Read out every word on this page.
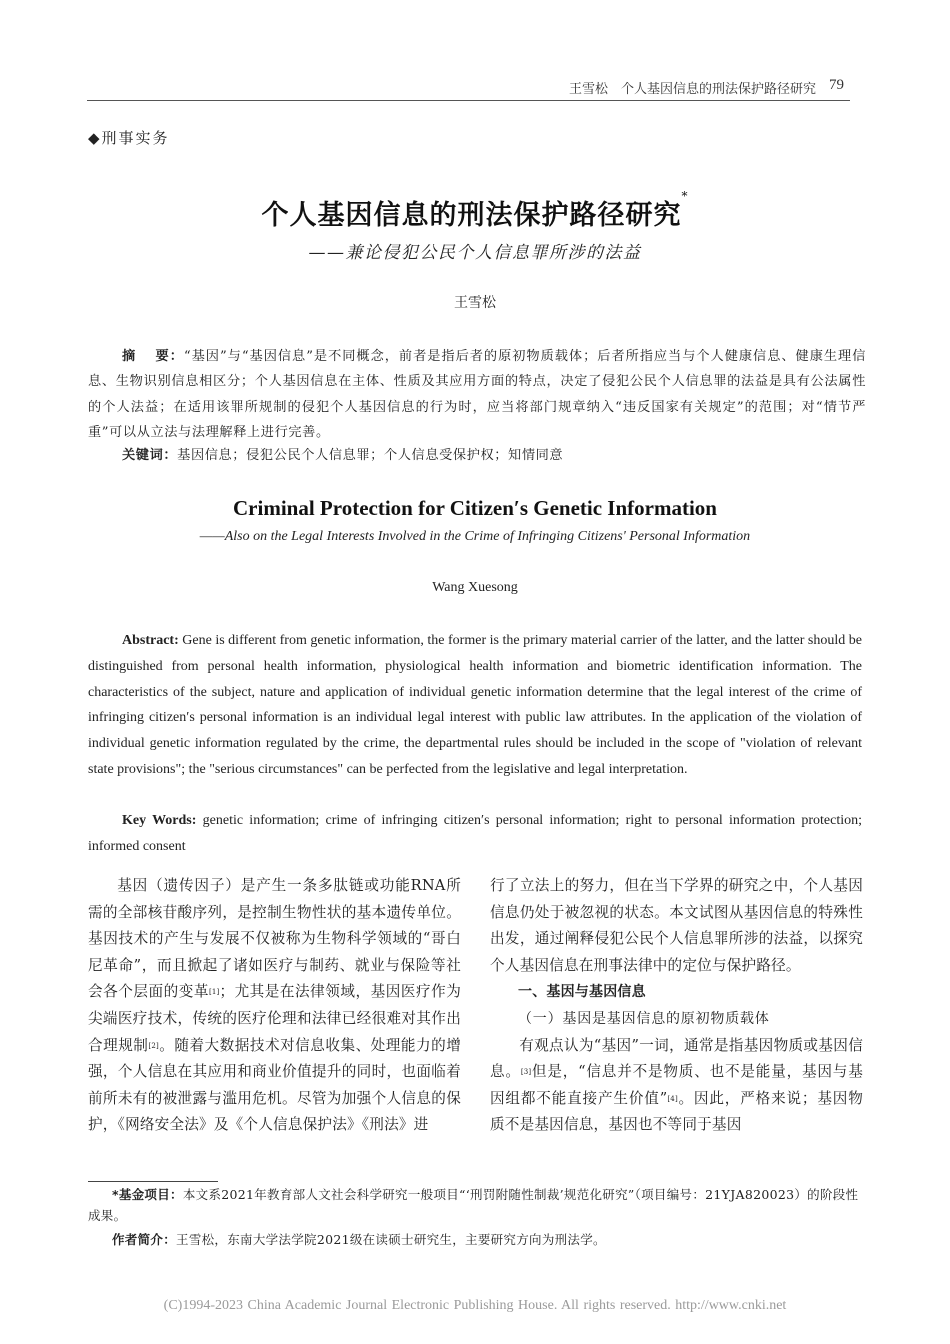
王雪松　个人基因信息的刑法保护路径研究 79
◆刑事实务
个人基因信息的刑法保护路径研究*
——兼论侵犯公民个人信息罪所涉的法益
王雪松
摘 要：“基因”与“基因信息”是不同概念，前者是指后者的原初物质载体；后者所指应当与个人健康信息、健康生理信息、生物识别信息相区分；个人基因信息在主体、性质及其应用方面的特点，决定了侵犯公民个人信息罪的法益是具有公法属性的个人法益；在适用该罪所规制的侵犯个人基因信息的行为时，应当将部门规章纳入“违反国家有关规定”的范围；对“情节严重”可以从立法与法理解释上进行完善。
关键词：基因信息；侵犯公民个人信息罪；个人信息受保护权；知情同意
Criminal Protection for Citizen′s Genetic Information
——Also on the Legal Interests Involved in the Crime of Infringing Citizens' Personal Information
Wang Xuesong
Abstract: Gene is different from genetic information, the former is the primary material carrier of the latter, and the latter should be distinguished from personal health information, physiological health information and biometric identification information. The characteristics of the subject, nature and application of individual genetic information determine that the legal interest of the crime of infringing citizen′s personal information is an individual legal interest with public law attributes. In the application of the violation of individual genetic information regulated by the crime, the departmental rules should be included in the scope of "violation of relevant state provisions"; the "serious circumstances" can be perfected from the legislative and legal interpretation.
Key Words: genetic information; crime of infringing citizen′s personal information; right to personal information protection; informed consent

基因（遗传因子）是产生一条多肽链或功能RNA所需的全部核苷酸序列，是控制生物性状的基本遗传单位。基因技术的产生与发展不仅被称为生物科学领域的“哥白尼革命”，而且掀起了诸如医疗与制药、就业与保险等社会各个层面的变革[1]；尤其是在法律领域，基因医疗作为尖端医疗技术，传统的医疗伦理和法律已经很难对其作出合理规制[2]。随着大数据技术对信息收集、处理能力的增强，个人信息在其应用和商业价值提升的同时，也面临着前所未有的被泄露与滥用危机。尽管为加强个人信息的保护，《网络安全法》及《个人信息保护法》《刑法》进

行了立法上的努力，但在当下学界的研究之中，个人基因信息仍处于被忽视的状态。本文试图从基因信息的特殊性出发，通过阐释侵犯公民个人信息罪所涉的法益，以探究个人基因信息在刑事法律中的定位与保护路径。

一、基因与基因信息
（一）基因是基因信息的原初物质载体

有观点认为“基因”一词，通常是指基因物质或基因信息。[3]但是，“信息并不是物质、也不是能量，基因与基因组都不能直接产生价值”[4]。因此，严格来说；基因物质不是基因信息，基因也不等同于基因

*基金项目：本文系2021年教育部人文社会科学研究一般项目“‘刑罚附随性制裁’规范化研究”（项目编号：21YJA820023）的阶段性成果。
作者简介：王雪松，东南大学法学院2021级在读硕士研究生，主要研究方向为刑法学。
(C)1994-2023 China Academic Journal Electronic Publishing House. All rights reserved. http://www.cnki.net
